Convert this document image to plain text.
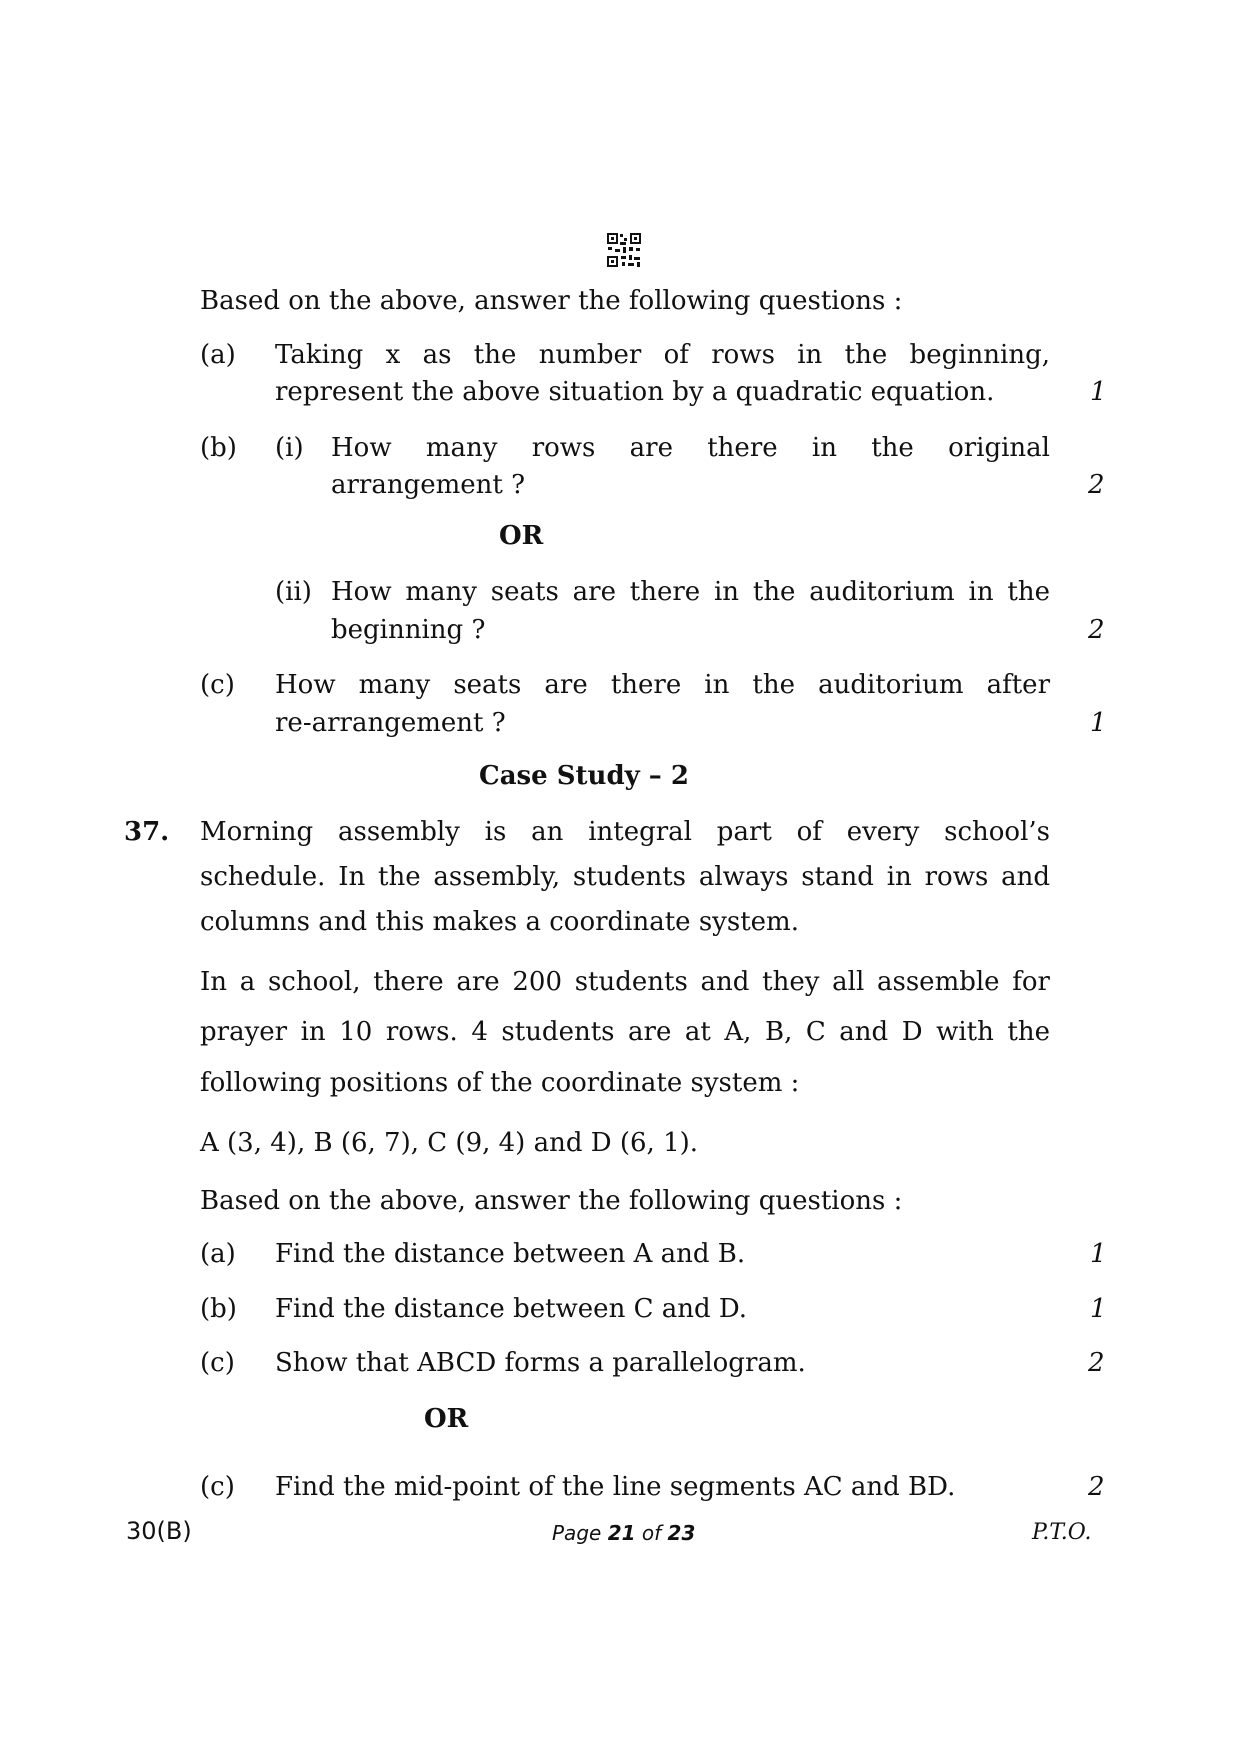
Based on the above, answer the following questions :
(a) Taking x as the number of rows in the beginning,
represent the above situation by a quadratic equation.	1
(b) (i) How many rows are there in the original
arrangement ?	2
OR
(ii) How many seats are there in the auditorium in the
beginning ?	2
(c) How many seats are there in the auditorium after
re-arrangement ?	1
Case Study – 2
37. Morning assembly is an integral part of every school’s
schedule. In the assembly, students always stand in rows and
columns and this makes a coordinate system.
In a school, there are 200 students and they all assemble for
prayer in 10 rows. 4 students are at A, B, C and D with the
following positions of the coordinate system :
A (3, 4), B (6, 7), C (9, 4) and D (6, 1).
Based on the above, answer the following questions :
(a) Find the distance between A and B.	1
(b) Find the distance between C and D.	1
(c) Show that ABCD forms a parallelogram.	2
OR
(c) Find the mid-point of the line segments AC and BD.	2
30(B)	Page 21 of 23	P.T.O.
